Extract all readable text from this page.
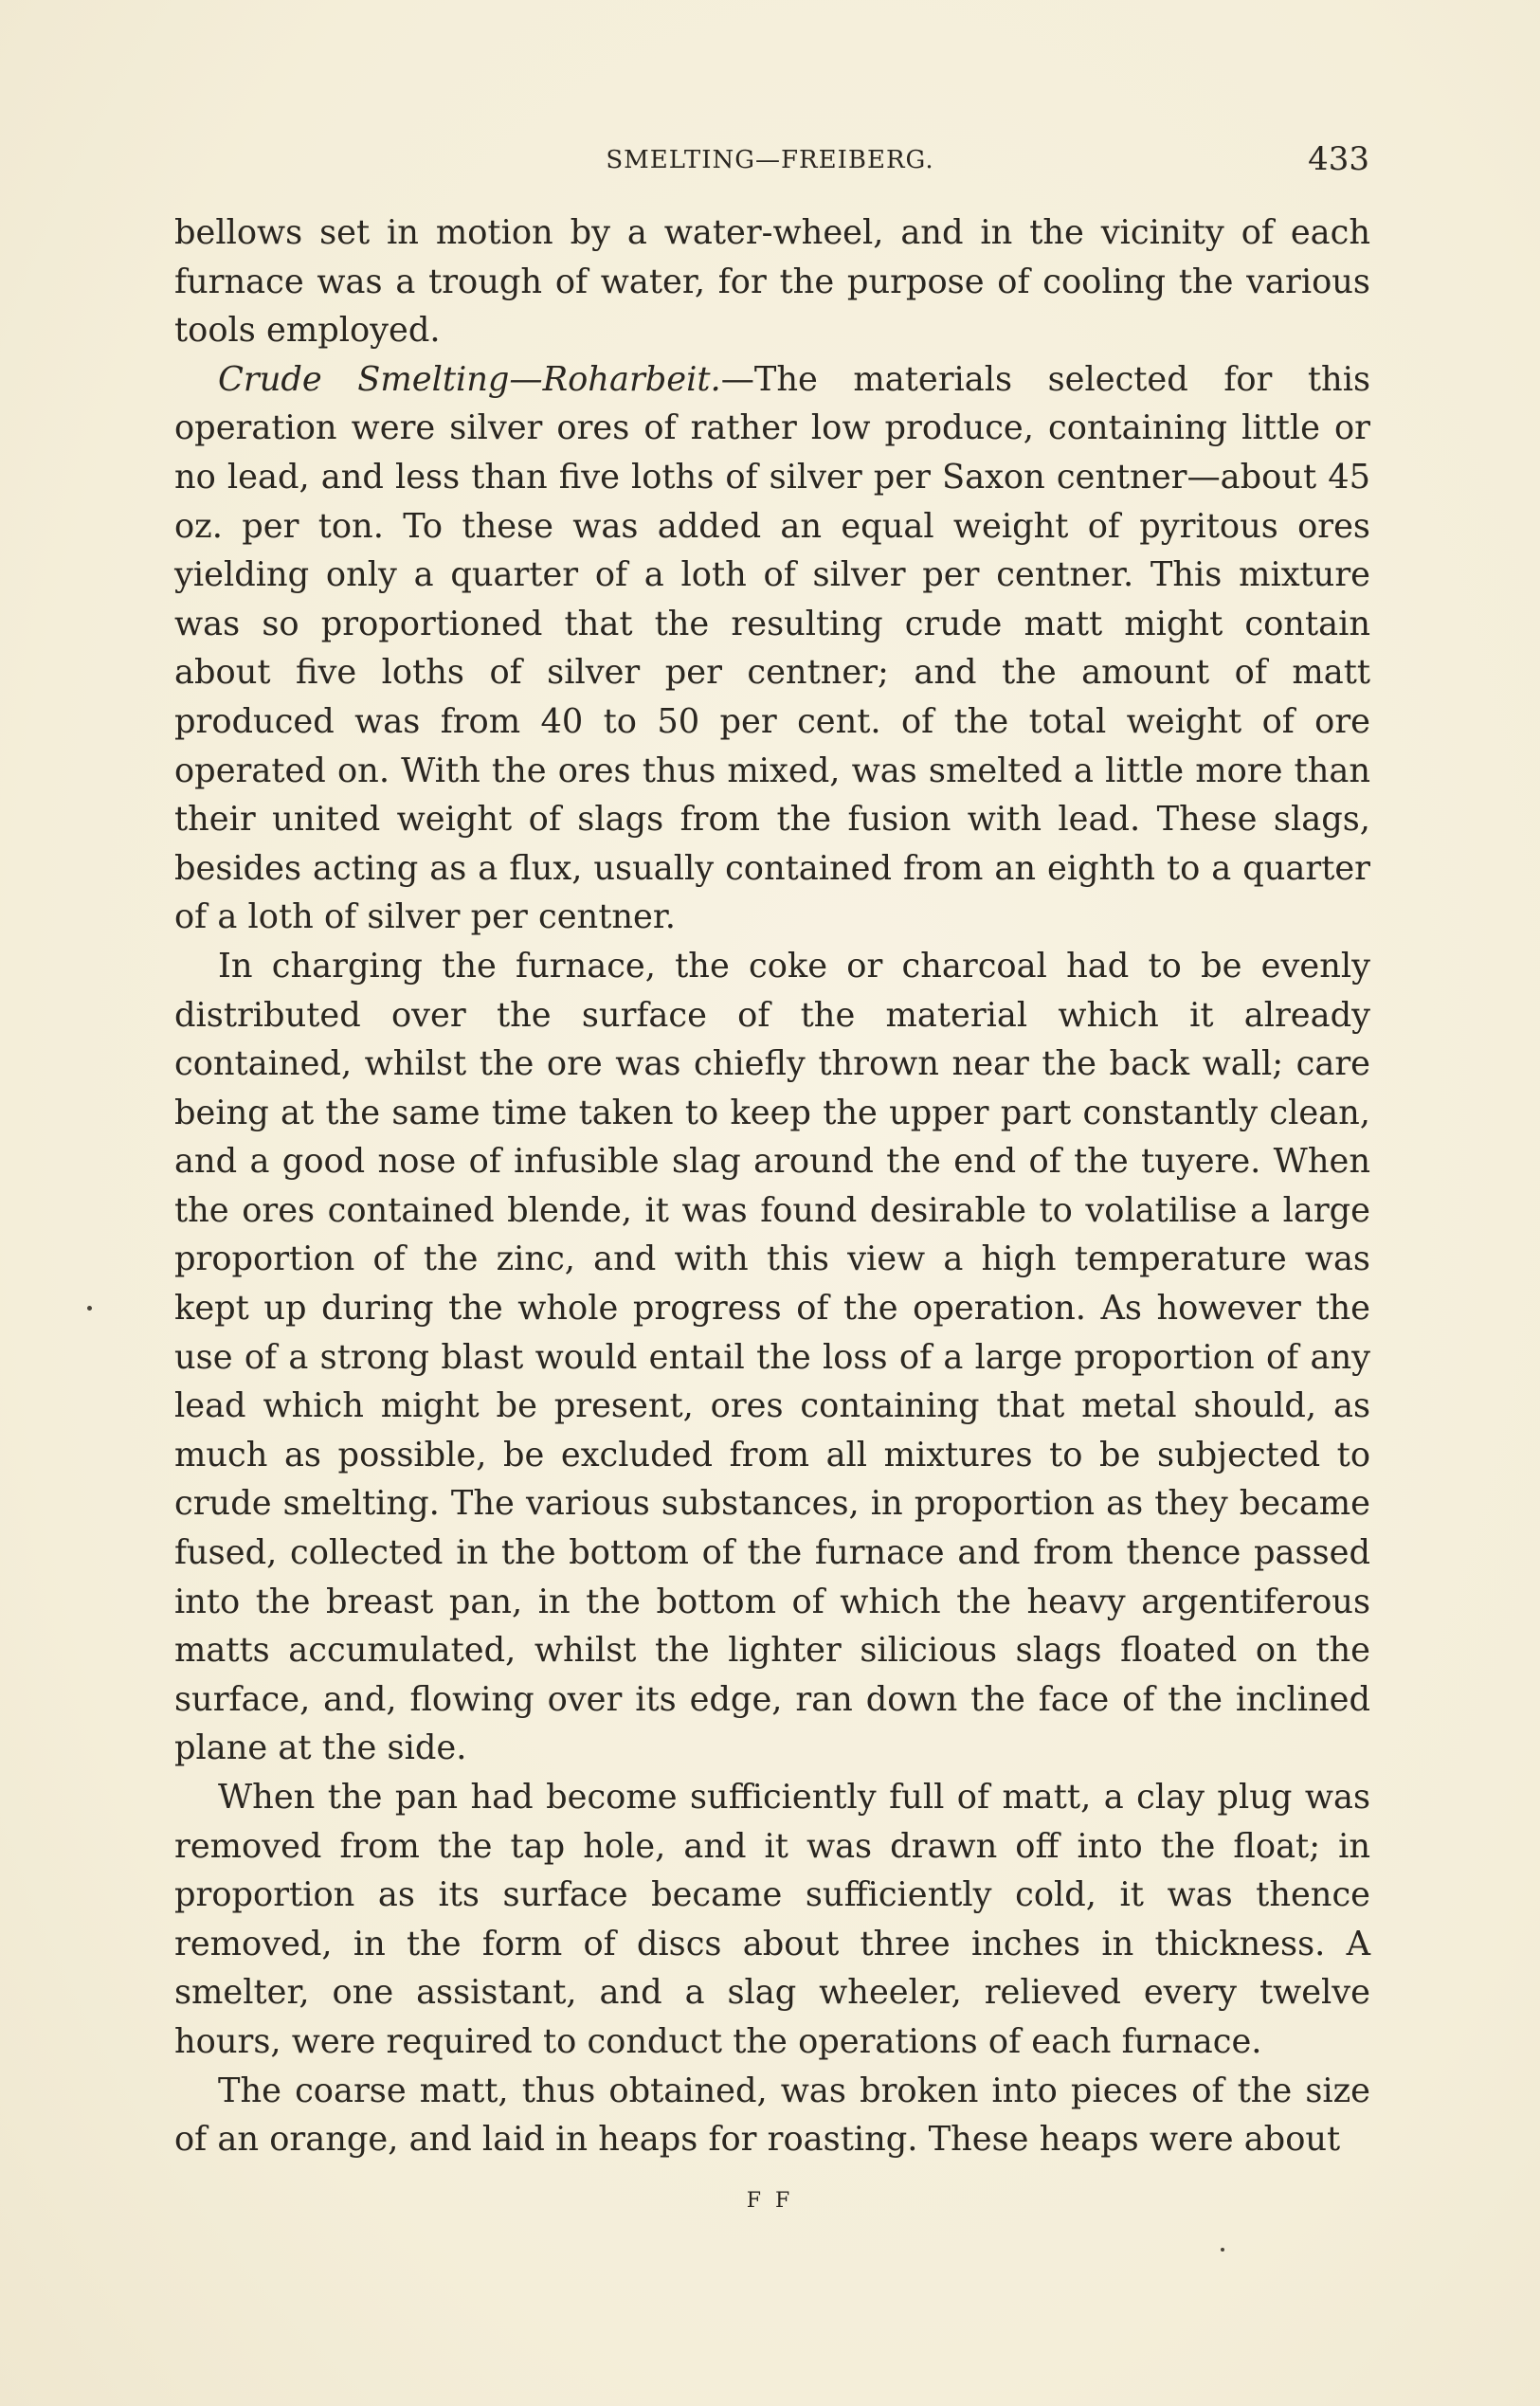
SMELTING—FREIBERG.	433

bellows set in motion by a water-wheel, and in the vicinity of each furnace was a trough of water, for the purpose of cooling the various tools employed.

Crude Smelting—Roharbeit.—The materials selected for this operation were silver ores of rather low produce, containing little or no lead, and less than five loths of silver per Saxon centner—about 45 oz. per ton. To these was added an equal weight of pyritous ores yielding only a quarter of a loth of silver per centner. This mixture was so proportioned that the resulting crude matt might contain about five loths of silver per centner; and the amount of matt produced was from 40 to 50 per cent. of the total weight of ore operated on. With the ores thus mixed, was smelted a little more than their united weight of slags from the fusion with lead. These slags, besides acting as a flux, usually contained from an eighth to a quarter of a loth of silver per centner.

In charging the furnace, the coke or charcoal had to be evenly distributed over the surface of the material which it already contained, whilst the ore was chiefly thrown near the back wall; care being at the same time taken to keep the upper part constantly clean, and a good nose of infusible slag around the end of the tuyere. When the ores contained blende, it was found desirable to volatilise a large proportion of the zinc, and with this view a high temperature was kept up during the whole progress of the operation. As however the use of a strong blast would entail the loss of a large proportion of any lead which might be present, ores containing that metal should, as much as possible, be excluded from all mixtures to be subjected to crude smelting. The various substances, in proportion as they became fused, collected in the bottom of the furnace and from thence passed into the breast pan, in the bottom of which the heavy argentiferous matts accumulated, whilst the lighter silicious slags floated on the surface, and, flowing over its edge, ran down the face of the inclined plane at the side.

When the pan had become sufficiently full of matt, a clay plug was removed from the tap hole, and it was drawn off into the float; in proportion as its surface became sufficiently cold, it was thence removed, in the form of discs about three inches in thickness. A smelter, one assistant, and a slag wheeler, relieved every twelve hours, were required to conduct the operations of each furnace.

The coarse matt, thus obtained, was broken into pieces of the size of an orange, and laid in heaps for roasting. These heaps were about

F F
